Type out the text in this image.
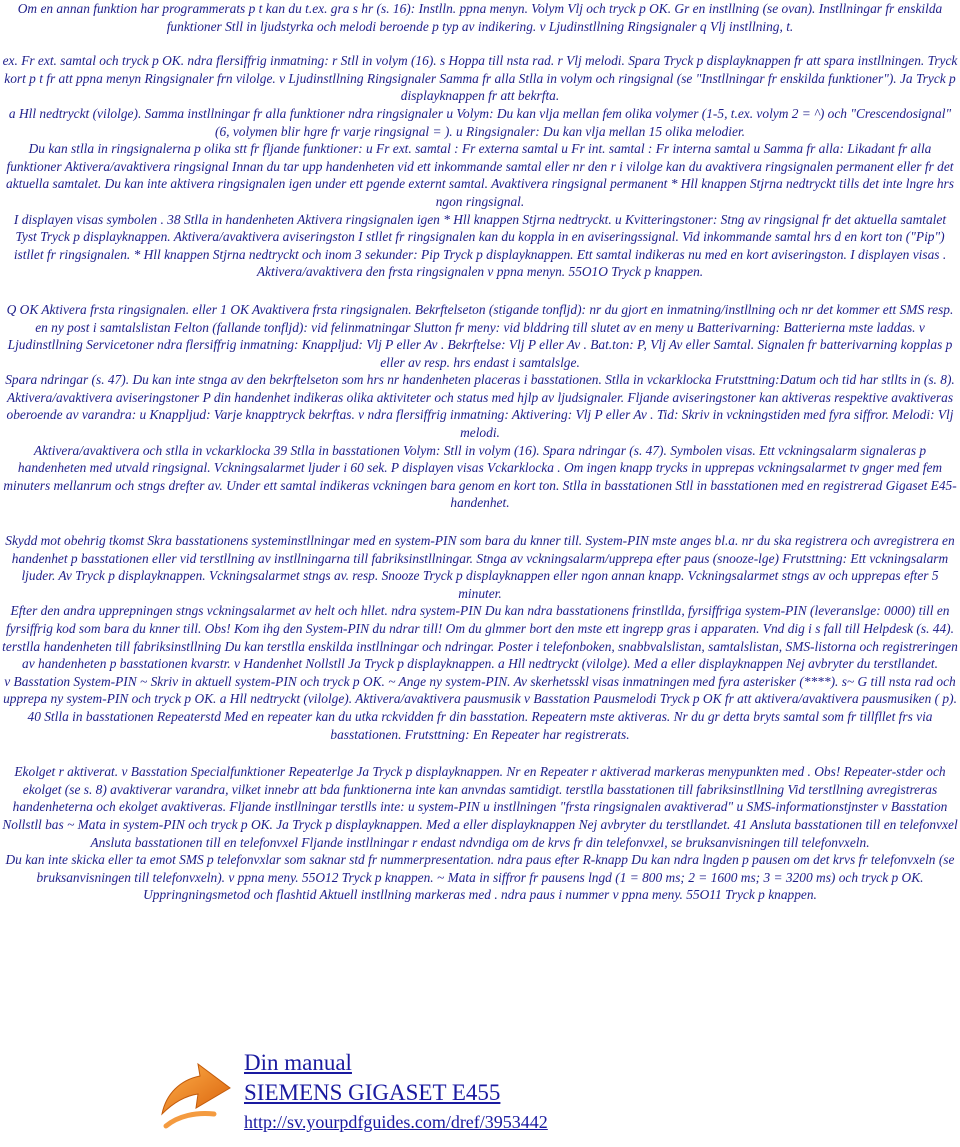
Om en annan funktion har programmerats p t kan du t.ex. gra s hr (s. 16): Instlln. ppna menyn. Volym Vlj och tryck p OK. Gr en instllning (se ovan). Instllningar fr enskilda funktioner Stll in ljudstyrka och melodi beroende p typ av indikering. v Ljudinstllning Ringsignaler q Vlj instllning, t.

ex. Fr ext. samtal och tryck p OK. ndra flersiffrig inmatning: r Stll in volym (16). s Hoppa till nsta rad. r Vlj melodi. Spara Tryck p displayknappen fr att spara instllningen. Tryck kort p t fr att ppna menyn Ringsignaler frn vilolge. v Ljudinstllning Ringsignaler Samma fr alla Stlla in volym och ringsignal (se "Instllningar fr enskilda funktioner"). Ja Tryck p displayknappen fr att bekrfta.

a Hll nedtryckt (vilolge). Samma instllningar fr alla funktioner ndra ringsignaler u Volym: Du kan vlja mellan fem olika volymer (1-5, t.ex. volym 2 = ^) och "Crescendosignal" (6, volymen blir hgre fr varje ringsignal = ). u Ringsignaler: Du kan vlja mellan 15 olika melodier.

Du kan stlla in ringsignalerna p olika stt fr fljande funktioner: u Fr ext. samtal : Fr externa samtal u Fr int. samtal : Fr interna samtal u Samma fr alla: Likadant fr alla funktioner Aktivera/avaktivera ringsignal Innan du tar upp handenheten vid ett inkommande samtal eller nr den r i vilolge kan du avaktivera ringsignalen permanent eller fr det aktuella samtalet. Du kan inte aktivera ringsignalen igen under ett pgende externt samtal. Avaktivera ringsignal permanent * Hll knappen Stjrna nedtryckt tills det inte lngre hrs ngon ringsignal.

I displayen visas symbolen . 38 Stlla in handenheten Aktivera ringsignalen igen * Hll knappen Stjrna nedtryckt. u Kvitteringstoner: Stng av ringsignal fr det aktuella samtalet Tyst Tryck p displayknappen. Aktivera/avaktivera aviseringston I stllet fr ringsignalen kan du koppla in en aviseringssignal. Vid inkommande samtal hrs d en kort ton ("Pip") istllet fr ringsignalen. * Hll knappen Stjrna nedtryckt och inom 3 sekunder: Pip Tryck p displayknappen. Ett samtal indikeras nu med en kort aviseringston. I displayen visas . Aktivera/avaktivera den frsta ringsignalen v ppna menyn. 55O1O Tryck p knappen.

Q OK Aktivera frsta ringsignalen. eller 1 OK Avaktivera frsta ringsignalen. Bekrftelseton (stigande tonfljd): nr du gjort en inmatning/instllning och nr det kommer ett SMS resp. en ny post i samtalslistan Felton (fallande tonfljd): vid felinmatningar Slutton fr meny: vid blddring till slutet av en meny u Batterivarning: Batterierna mste laddas. v Ljudinstllning Servicetoner ndra flersiffrig inmatning: Knappljud: Vlj P eller Av . Bekrftelse: Vlj P eller Av . Bat.ton: P, Vlj Av eller Samtal. Signalen fr batterivarning kopplas p eller av resp. hrs endast i samtalslge.

Spara ndringar (s. 47). Du kan inte stnga av den bekrftelseton som hrs nr handenheten placeras i basstationen. Stlla in vckarklocka Frutsttning:Datum och tid har stllts in (s. 8).

Aktivera/avaktivera aviseringstoner P din handenhet indikeras olika aktiviteter och status med hjlp av ljudsignaler. Fljande aviseringstoner kan aktiveras respektive avaktiveras oberoende av varandra: u Knappljud: Varje knapptryck bekrftas. v ndra flersiffrig inmatning: Aktivering: Vlj P eller Av . Tid: Skriv in vckningstiden med fyra siffror. Melodi: Vlj melodi.

Aktivera/avaktivera och stlla in vckarklocka 39 Stlla in basstationen Volym: Stll in volym (16). Spara ndringar (s. 47). Symbolen visas. Ett vckningsalarm signaleras p handenheten med utvald ringsignal. Vckningsalarmet ljuder i 60 sek. P displayen visas Vckarklocka . Om ingen knapp trycks in upprepas vckningsalarmet tv gnger med fem minuters mellanrum och stngs drefter av. Under ett samtal indikeras vckningen bara genom en kort ton. Stlla in basstationen Stll in basstationen med en registrerad Gigaset E45-handenhet.

Skydd mot obehrig tkomst Skra basstationens systeminstllningar med en system-PIN som bara du knner till. System-PIN mste anges bl.a. nr du ska registrera och avregistrera en handenhet p basstationen eller vid terstllning av instllningarna till fabriksinstllningar. Stnga av vckningsalarm/upprepa efter paus (snooze-lge) Frutsttning: Ett vckningsalarm ljuder. Av Tryck p displayknappen. Vckningsalarmet stngs av. resp. Snooze Tryck p displayknappen eller ngon annan knapp. Vckningsalarmet stngs av och upprepas efter 5 minuter.

Efter den andra upprepningen stngs vckningsalarmet av helt och hllet. ndra system-PIN Du kan ndra basstationens frinstllda, fyrsiffriga system-PIN (leveranslge: 0000) till en fyrsiffrig kod som bara du knner till. Obs! Kom ihg den System-PIN du ndrar till! Om du glmmer bort den mste ett ingrepp gras i apparaten. Vnd dig i s fall till Helpdesk (s. 44).

terstlla handenheten till fabriksinstllning Du kan terstlla enskilda instllningar och ndringar. Poster i telefonboken, snabbvalslistan, samtalslistan, SMS-listorna och registreringen av handenheten p basstationen kvarstr. v Handenhet Nollstll Ja Tryck p displayknappen. a Hll nedtryckt (vilolge). Med a eller displayknappen Nej avbryter du terstllandet.

v Basstation System-PIN ~ Skriv in aktuell system-PIN och tryck p OK. ~ Ange ny system-PIN. Av skerhetsskl visas inmatningen med fyra asterisker (****). s~ G till nsta rad och upprepa ny system-PIN och tryck p OK. a Hll nedtryckt (vilolge). Aktivera/avaktivera pausmusik v Basstation Pausmelodi Tryck p OK fr att aktivera/avaktivera pausmusiken ( p). 40 Stlla in basstationen Repeaterstd Med en repeater kan du utka rckvidden fr din basstation. Repeatern mste aktiveras. Nr du gr detta bryts samtal som fr tillfllet frs via basstationen. Frutsttning: En Repeater har registrerats.

Ekolget r aktiverat. v Basstation Specialfunktioner Repeaterlge Ja Tryck p displayknappen. Nr en Repeater r aktiverad markeras menypunkten med . Obs! Repeater-stder och ekolget (se s. 8) avaktiverar varandra, vilket innebr att bda funktionerna inte kan anvndas samtidigt. terstlla basstationen till fabriksinstllning Vid terstllning avregistreras handenheterna och ekolget avaktiveras. Fljande instllningar terstlls inte: u system-PIN u instllningen "frsta ringsignalen avaktiverad" u SMS-informationstjnster v Basstation Nollstll bas ~ Mata in system-PIN och tryck p OK. Ja Tryck p displayknappen. Med a eller displayknappen Nej avbryter du terstllandet. 41 Ansluta basstationen till en telefonvxel Ansluta basstationen till en telefonvxel Fljande instllningar r endast ndvndiga om de krvs fr din telefonvxel, se bruksanvisningen till telefonvxeln.

Du kan inte skicka eller ta emot SMS p telefonvxlar som saknar std fr nummerpresentation. ndra paus efter R-knapp Du kan ndra lngden p pausen om det krvs fr telefonvxeln (se bruksanvisningen till telefonvxeln). v ppna meny. 55O12 Tryck p knappen. ~ Mata in siffror fr pausens lngd (1 = 800 ms; 2 = 1600 ms; 3 = 3200 ms) och tryck p OK.

Uppringningsmetod och flashtid Aktuell instllning markeras med . ndra paus i nummer v ppna meny. 55O11 Tryck p knappen.

Din manual
SIEMENS GIGASET E455
http://sv.yourpdfguides.com/dref/3953442
